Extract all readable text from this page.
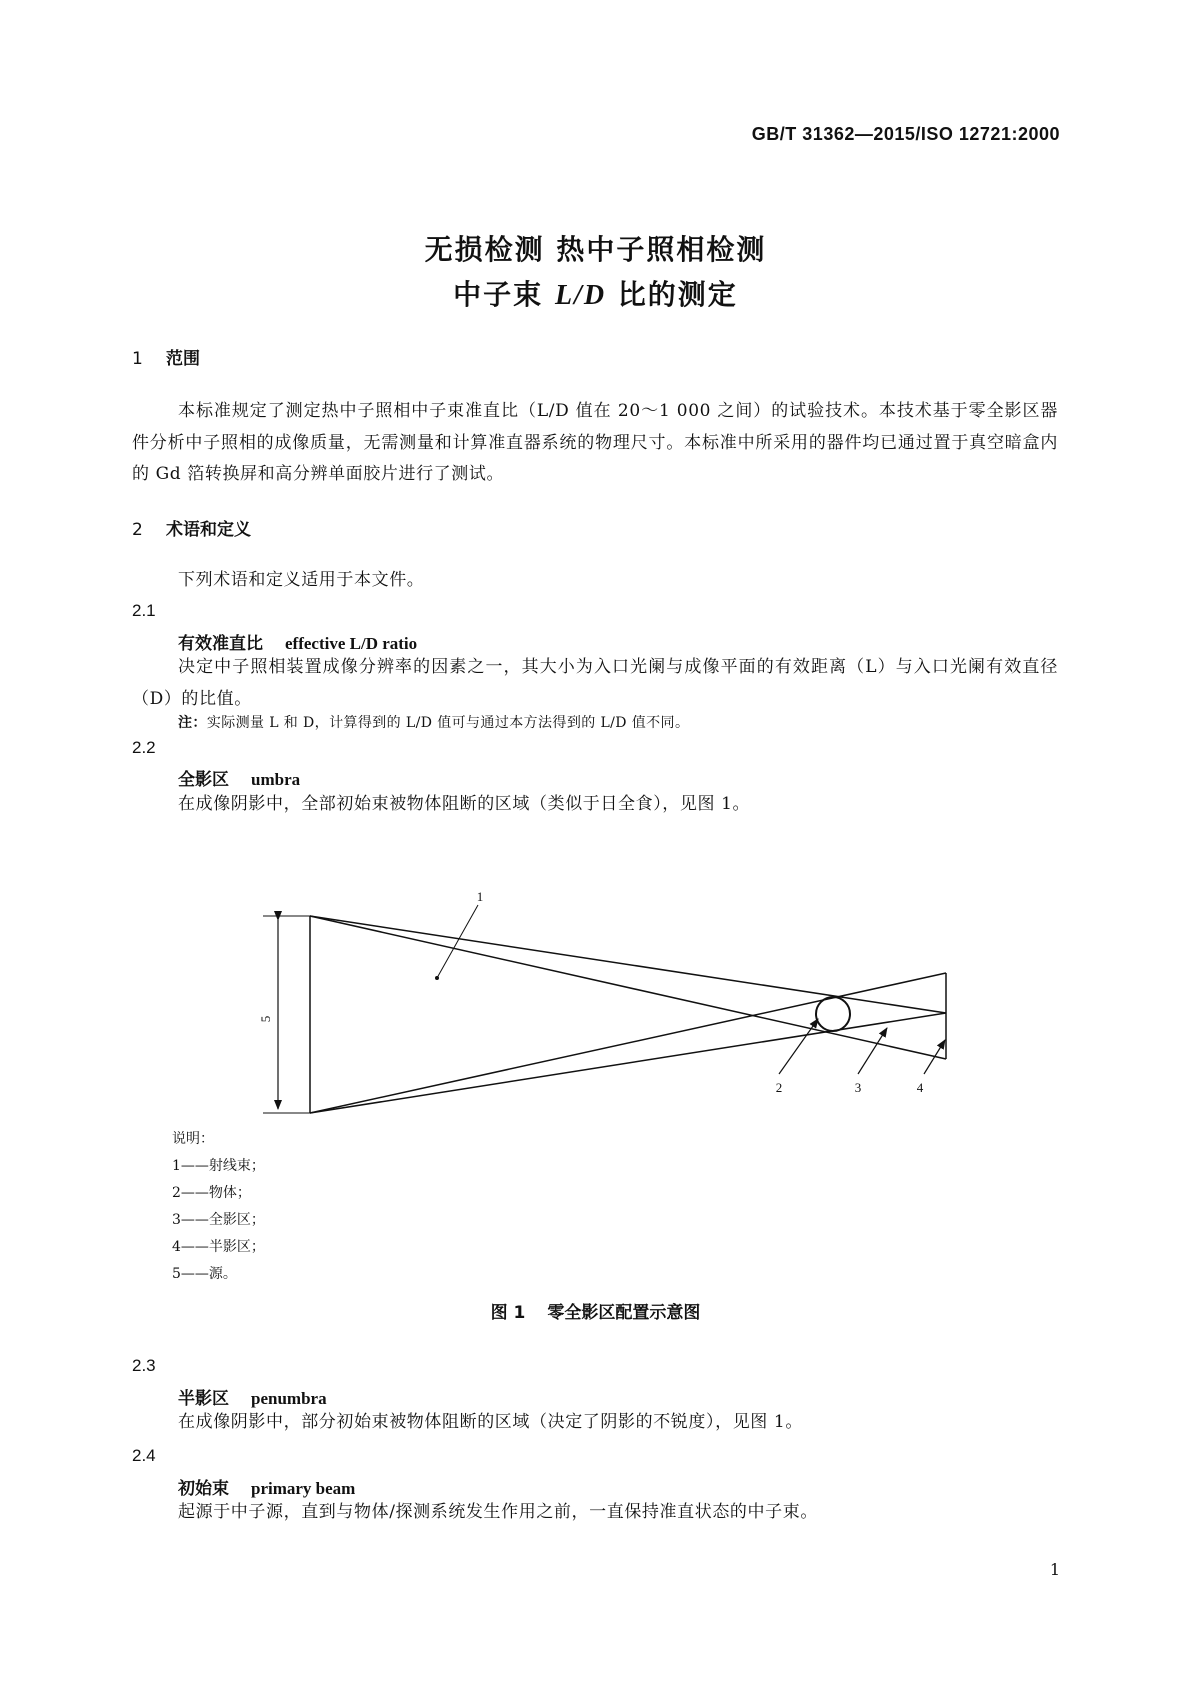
GB/T 31362—2015/ISO 12721:2000
无损检测 热中子照相检测
中子束 L/D 比的测定
1 范围
本标准规定了测定热中子照相中子束准直比（L/D 值在 20～1 000 之间）的试验技术。本技术基于零全影区器件分析中子照相的成像质量，无需测量和计算准直器系统的物理尺寸。本标准中所采用的器件均已通过置于真空暗盒内的 Gd 箔转换屏和高分辨单面胶片进行了测试。
2 术语和定义
下列术语和定义适用于本文件。
2.1
有效准直比 effective L/D ratio
决定中子照相装置成像分辨率的因素之一，其大小为入口光阑与成像平面的有效距离（L）与入口光阑有效直径（D）的比值。
注：实际测量 L 和 D，计算得到的 L/D 值可与通过本方法得到的 L/D 值不同。
2.2
全影区 umbra
在成像阴影中，全部初始束被物体阻断的区域（类似于日全食），见图 1。
1
2	3	4
5
说明：
1——射线束；
2——物体；
3——全影区；
4——半影区；
5——源。
图 1 零全影区配置示意图
2.3
半影区 penumbra
在成像阴影中，部分初始束被物体阻断的区域（决定了阴影的不锐度），见图 1。
2.4
初始束 primary beam
起源于中子源，直到与物体/探测系统发生作用之前，一直保持准直状态的中子束。
1
